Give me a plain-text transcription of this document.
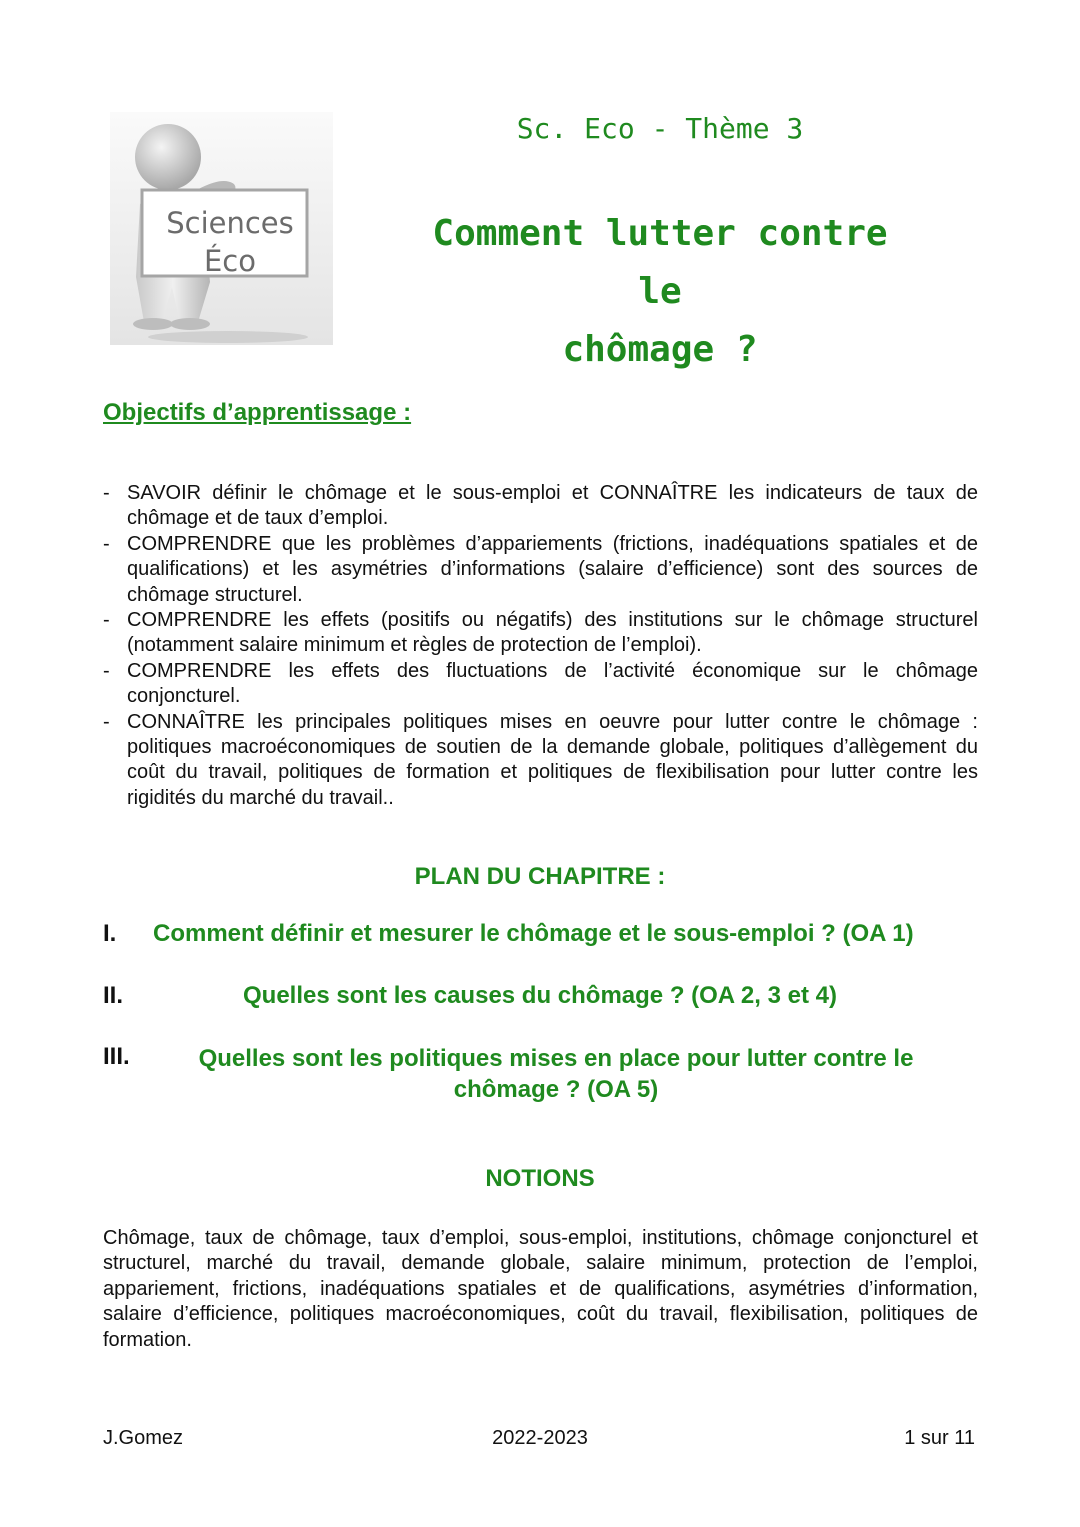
Sciences
Éco
Sc. Eco - Thème 3
Comment lutter contre le
chômage ?
Objectifs d’apprentissage :
- SAVOIR définir le chômage et le sous-emploi et CONNAÎTRE les indicateurs de taux de chômage et de taux d’emploi.
- COMPRENDRE que les problèmes d’appariements (frictions, inadéquations spatiales et de qualifications) et les asymétries d’informations (salaire d’efficience) sont des sources de chômage structurel.
- COMPRENDRE les effets (positifs ou négatifs) des institutions sur le chômage structurel (notamment salaire minimum et règles de protection de l’emploi).
- COMPRENDRE les effets des fluctuations de l’activité économique sur le chômage conjoncturel.
- CONNAÎTRE les principales politiques mises en oeuvre pour lutter contre le chômage : politiques macroéconomiques de soutien de la demande globale, politiques d’allègement du coût du travail, politiques de formation et politiques de flexibilisation pour lutter contre les rigidités du marché du travail..
PLAN DU CHAPITRE :
I. Comment définir et mesurer le chômage et le sous-emploi ? (OA 1)
II.	Quelles sont les causes du chômage ? (OA 2, 3 et 4)
III.	Quelles sont les politiques mises en place pour lutter contre le
chômage ? (OA 5)
NOTIONS

Chômage, taux de chômage, taux d’emploi, sous-emploi, institutions, chômage conjoncturel et structurel, marché du travail, demande globale, salaire minimum, protection de l’emploi, appariement, frictions, inadéquations spatiales et de qualifications, asymétries d’information, salaire d’efficience, politiques macroéconomiques, coût du travail, flexibilisation, politiques de formation.

J.Gomez	2022-2023	1 sur 11
